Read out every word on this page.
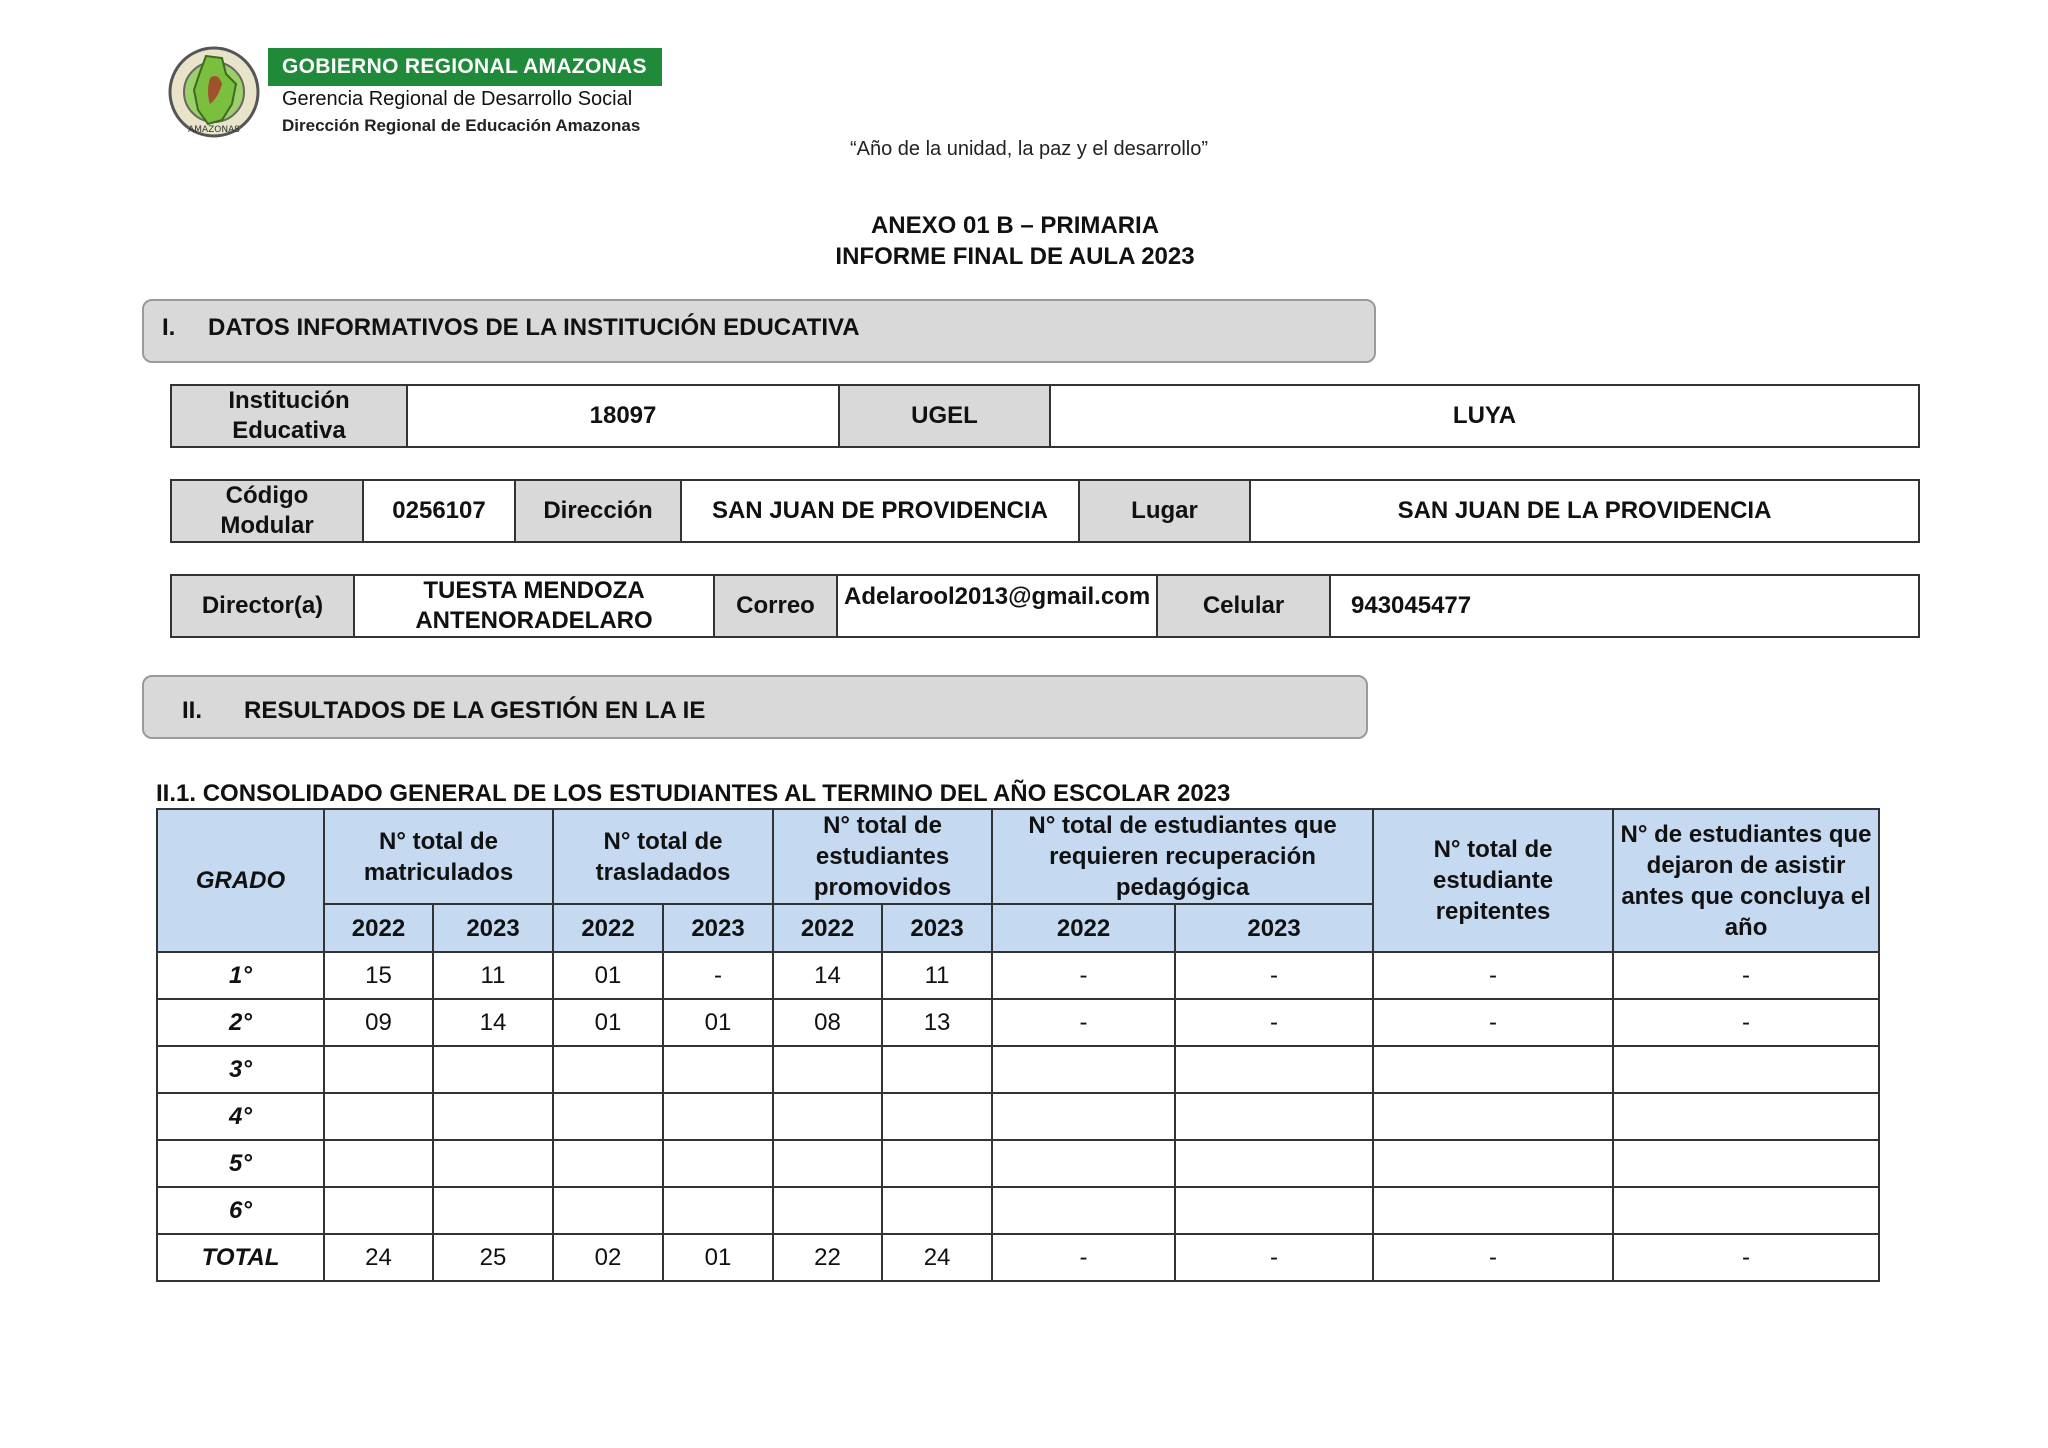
AMAZONAS
GOBIERNO REGIONAL AMAZONAS
Gerencia Regional de Desarrollo Social
Dirección Regional de Educación Amazonas
“Año de la unidad, la paz y el desarrollo”
ANEXO 01 B – PRIMARIA
INFORME FINAL DE AULA 2023
I. DATOS INFORMATIVOS DE LA INSTITUCIÓN EDUCATIVA
Institución Educativa	18097	UGEL	LUYA
Código Modular	0256107	Dirección	SAN JUAN DE PROVIDENCIA	Lugar	SAN JUAN DE LA PROVIDENCIA
Director(a)	TUESTA MENDOZA ANTENORADELARO	Correo	Adelarool2013@gmail.com	Celular	943045477
II. RESULTADOS DE LA GESTIÓN EN LA IE
II.1. CONSOLIDADO GENERAL DE LOS ESTUDIANTES AL TERMINO DEL AÑO ESCOLAR 2023
GRADO	N° total de matriculados		N° total de trasladados		N° total de estudiantes promovidos		N° total de estudiantes que requieren recuperación pedagógica		N° total de estudiante repitentes	N° de estudiantes que dejaron de asistir antes que concluya el año
	2022	2023	2022	2023	2022	2023	2022	2023		
1°	15	11	01	-	14	11	-	-	-	-
2°	09	14	01	01	08	13	-	-	-	-
3°										
4°										
5°										
6°										
TOTAL	24	25	02	01	22	24	-	-	-	-
